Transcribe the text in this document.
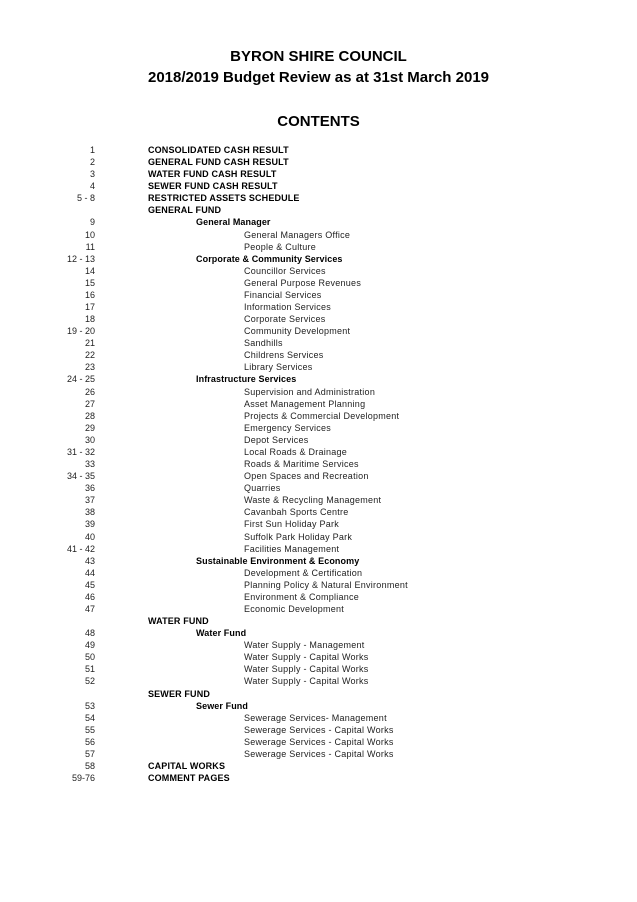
BYRON SHIRE COUNCIL
2018/2019 Budget Review as at 31st March 2019
CONTENTS
1	CONSOLIDATED CASH RESULT
2	GENERAL FUND CASH RESULT
3	WATER FUND CASH RESULT
4	SEWER FUND CASH RESULT
5 - 8	RESTRICTED ASSETS SCHEDULE
GENERAL FUND
9	General Manager
10	General Managers Office
11	People & Culture
12 - 13	Corporate & Community Services
14	Councillor Services
15	General Purpose Revenues
16	Financial Services
17	Information Services
18	Corporate Services
19 - 20	Community Development
21	Sandhills
22	Childrens Services
23	Library Services
24 - 25	Infrastructure Services
26	Supervision and Administration
27	Asset Management Planning
28	Projects & Commercial Development
29	Emergency Services
30	Depot Services
31 - 32	Local Roads & Drainage
33	Roads & Maritime Services
34 - 35	Open Spaces and Recreation
36	Quarries
37	Waste & Recycling Management
38	Cavanbah Sports Centre
39	First Sun Holiday Park
40	Suffolk Park Holiday Park
41 - 42	Facilities Management
43	Sustainable Environment & Economy
44	Development & Certification
45	Planning Policy & Natural Environment
46	Environment & Compliance
47	Economic Development
WATER FUND
48	Water Fund
49	Water Supply - Management
50	Water Supply - Capital Works
51	Water Supply - Capital Works
52	Water Supply - Capital Works
SEWER FUND
53	Sewer Fund
54	Sewerage Services- Management
55	Sewerage Services - Capital Works
56	Sewerage Services - Capital Works
57	Sewerage Services - Capital Works
58	CAPITAL WORKS
59-76	COMMENT PAGES
